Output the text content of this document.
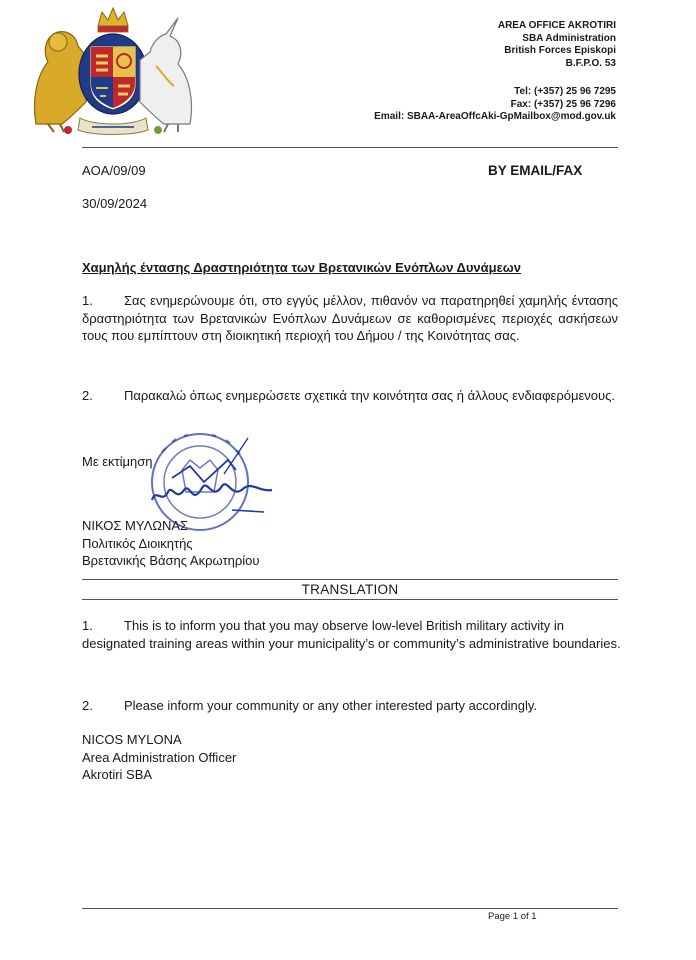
AREA OFFICE AKROTIRI
SBA Administration
British Forces Episkopi
B.F.P.O. 53
Tel: (+357) 25 96 7295
Fax: (+357) 25 96 7296
Email: SBAA-AreaOffcAki-GpMailbox@mod.gov.uk
AOA/09/09	BY EMAIL/FAX
30/09/2024
Χαμηλής έντασης Δραστηριότητα των Βρετανικών Ενόπλων Δυνάμεων
1. Σας ενημερώνουμε ότι, στο εγγύς μέλλον, πιθανόν να παρατηρηθεί χαμηλής έντασης δραστηριότητα των Βρετανικών Ενόπλων Δυνάμεων σε καθορισμένες περιοχές ασκήσεων τους που εμπίπτουν στη διοικητική περιοχή του Δήμου / της Κοινότητας σας.
2. Παρακαλώ όπως ενημερώσετε σχετικά την κοινότητα σας ή άλλους ενδιαφερόμενους.
Με εκτίμηση
ΝΙΚΟΣ ΜΥΛΩΝΑΣ
Πολιτικός Διοικητής
Βρετανικής Βάσης Ακρωτηρίου
TRANSLATION
1. This is to inform you that you may observe low-level British military activity in designated training areas within your municipality’s or community’s administrative boundaries.
2. Please inform your community or any other interested party accordingly.
NICOS MYLONA
Area Administration Officer
Akrotiri SBA
Page 1 of 1
